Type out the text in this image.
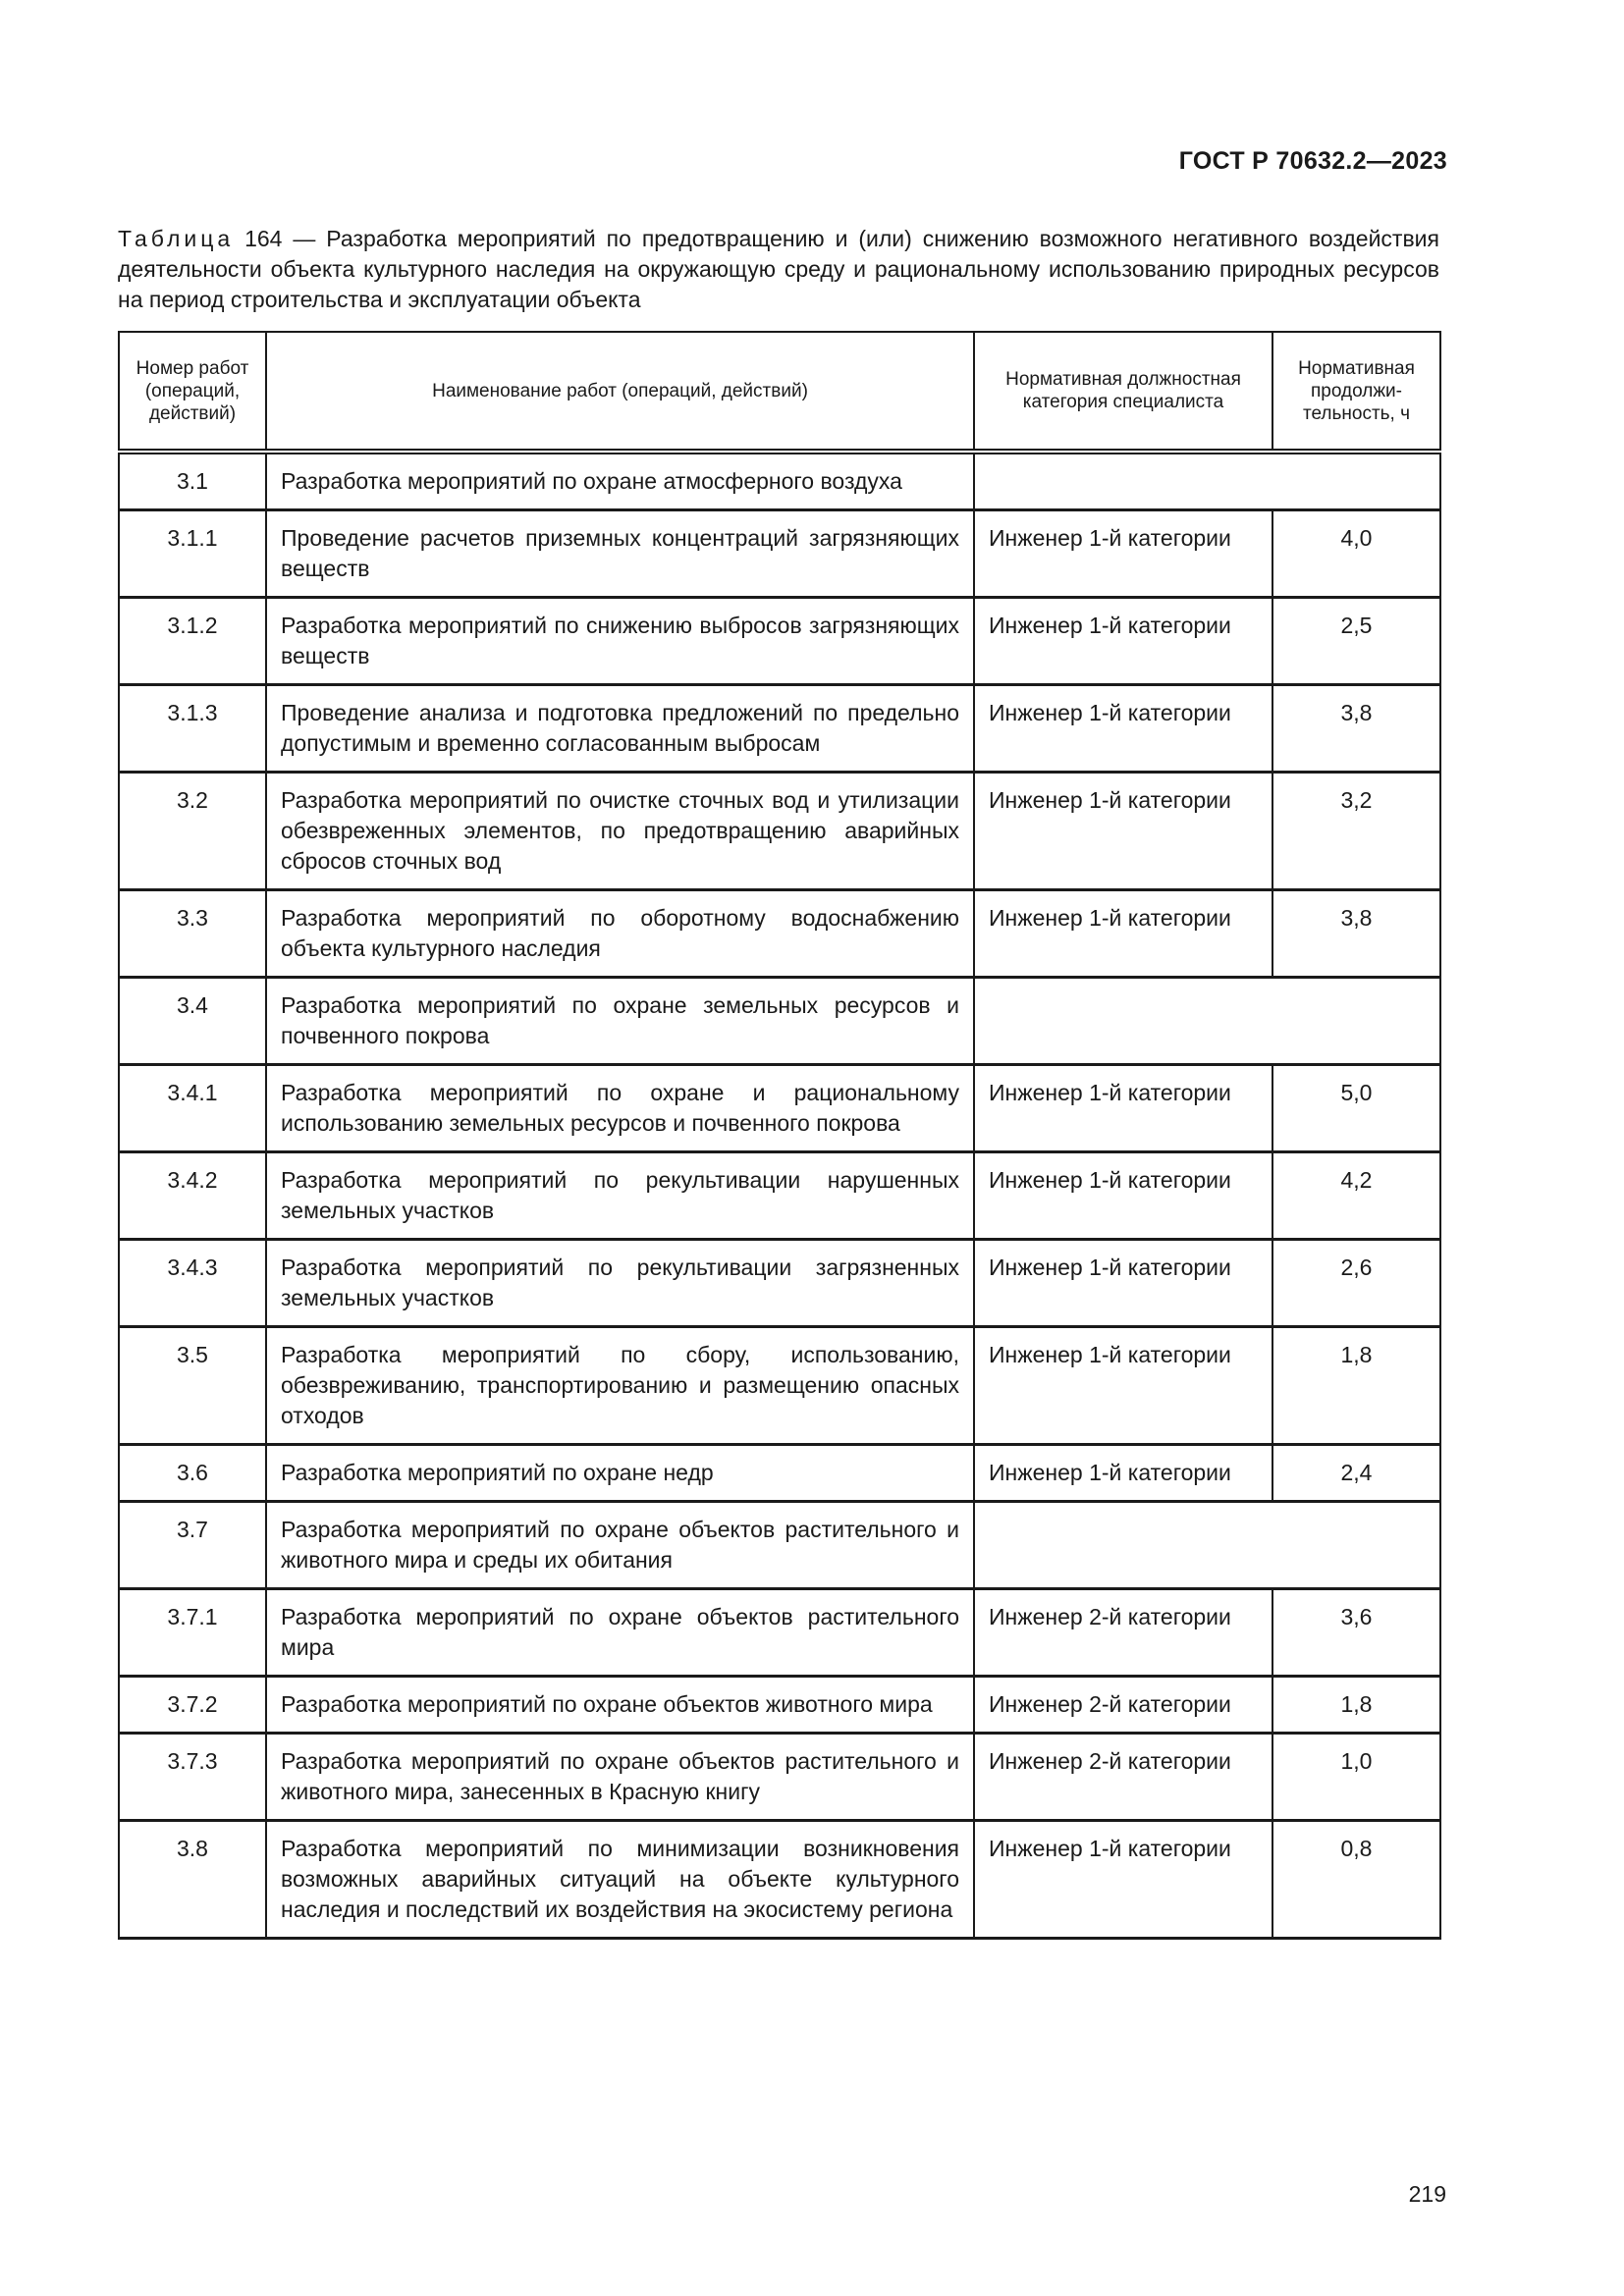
ГОСТ Р 70632.2—2023
Таблица 164 — Разработка мероприятий по предотвращению и (или) снижению возможного негативного воздействия деятельности объекта культурного наследия на окружающую среду и рациональному использованию природных ресурсов на период строительства и эксплуатации объекта
Номер работ (операций, действий)	Наименование работ (операций, действий)	Нормативная должностная категория специалиста	Нормативная продолжительность, ч
3.1	Разработка мероприятий по охране атмосферного воздуха		
3.1.1	Проведение расчетов приземных концентраций загрязняющих веществ	Инженер 1-й категории	4,0
3.1.2	Разработка мероприятий по снижению выбросов загрязняющих веществ	Инженер 1-й категории	2,5
3.1.3	Проведение анализа и подготовка предложений по предельно допустимым и временно согласованным выбросам	Инженер 1-й категории	3,8
3.2	Разработка мероприятий по очистке сточных вод и утилизации обезвреженных элементов, по предотвращению аварийных сбросов сточных вод	Инженер 1-й категории	3,2
3.3	Разработка мероприятий по оборотному водоснабжению объекта культурного наследия	Инженер 1-й категории	3,8
3.4	Разработка мероприятий по охране земельных ресурсов и почвенного покрова		
3.4.1	Разработка мероприятий по охране и рациональному использованию земельных ресурсов и почвенного покрова	Инженер 1-й категории	5,0
3.4.2	Разработка мероприятий по рекультивации нарушенных земельных участков	Инженер 1-й категории	4,2
3.4.3	Разработка мероприятий по рекультивации загрязненных земельных участков	Инженер 1-й категории	2,6
3.5	Разработка мероприятий по сбору, использованию, обезвреживанию, транспортированию и размещению опасных отходов	Инженер 1-й категории	1,8
3.6	Разработка мероприятий по охране недр	Инженер 1-й категории	2,4
3.7	Разработка мероприятий по охране объектов растительного и животного мира и среды их обитания		
3.7.1	Разработка мероприятий по охране объектов растительного мира	Инженер 2-й категории	3,6
3.7.2	Разработка мероприятий по охране объектов животного мира	Инженер 2-й категории	1,8
3.7.3	Разработка мероприятий по охране объектов растительного и животного мира, занесенных в Красную книгу	Инженер 2-й категории	1,0
3.8	Разработка мероприятий по минимизации возникновения возможных аварийных ситуаций на объекте культурного наследия и последствий их воздействия на экосистему региона	Инженер 1-й категории	0,8
219
